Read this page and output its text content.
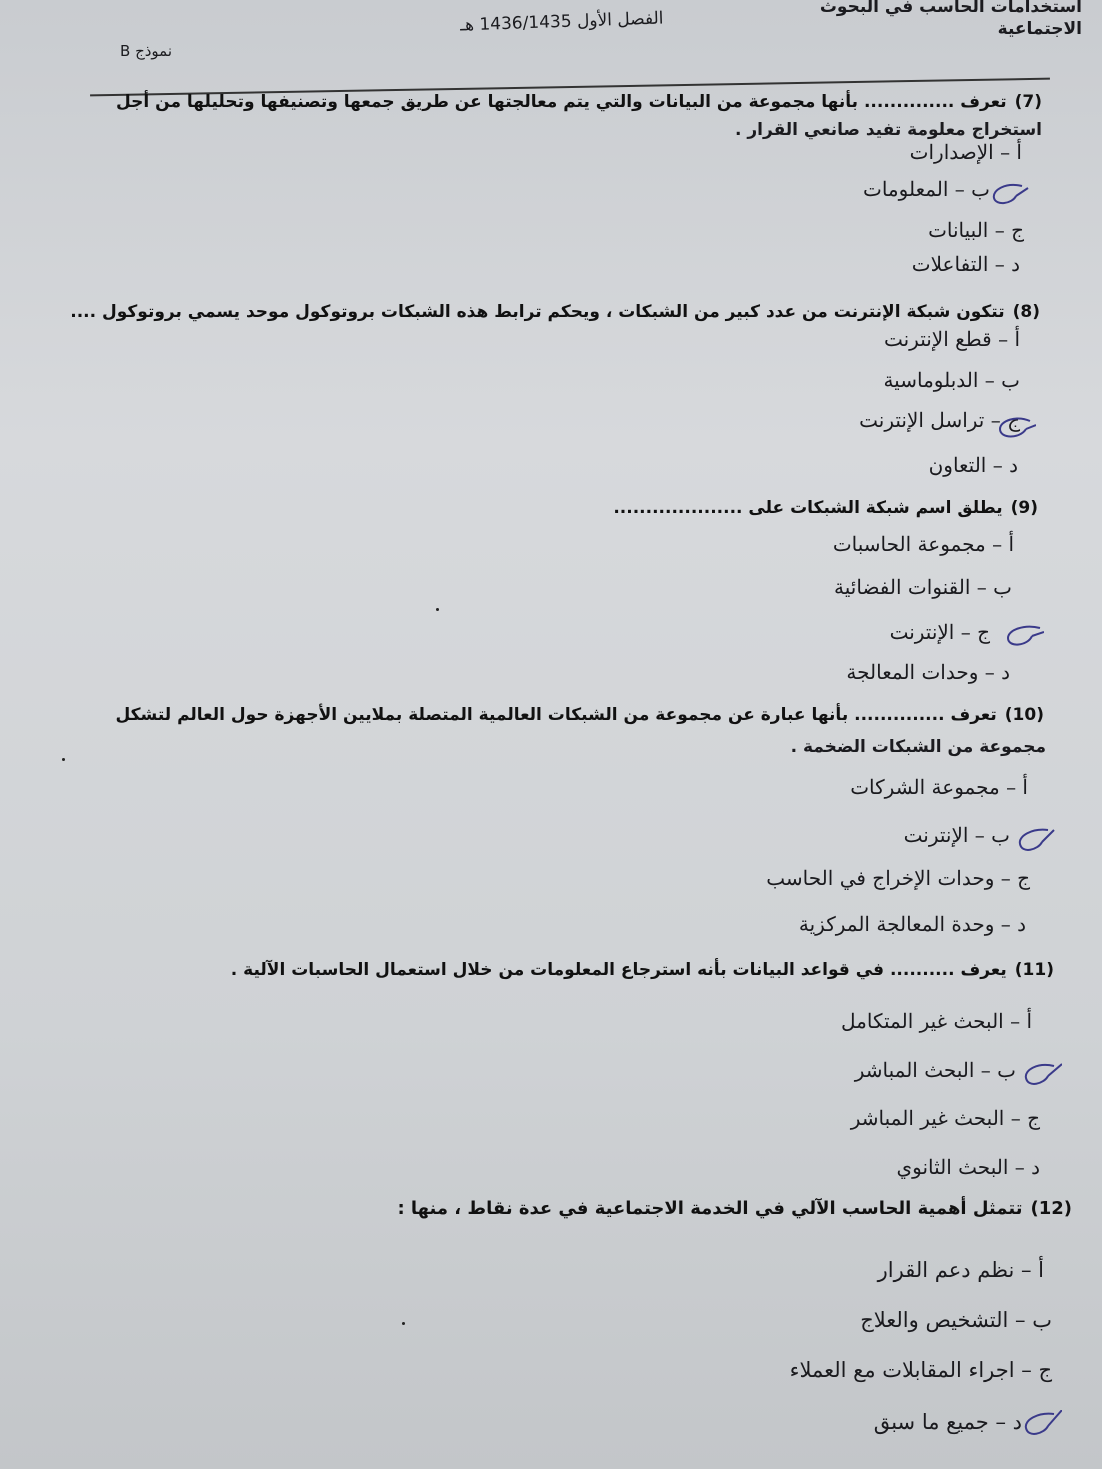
استخدامات الحاسب في البحوث
الاجتماعية
الفصل الأول 1436/1435 هـ
نموذج B
(7)تعرف .............. بأنها مجموعة من البيانات والتي يتم معالجتها عن طريق جمعها وتصنيفها وتحليلها من أجل
استخراج معلومة تفيد صانعي القرار .
أ – الإصدارات
ب – المعلومات
ج – البيانات
د – التفاعلات
(8)تتكون شبكة الإنترنت من عدد كبير من الشبكات ، ويحكم ترابط هذه الشبكات بروتوكول موحد يسمي بروتوكول ....
أ – قطع الإنترنت
ب – الدبلوماسية
ج – تراسل الإنترنت
د – التعاون
(9)يطلق اسم شبكة الشبكات على ....................
أ – مجموعة الحاسبات
ب – القنوات الفضائية
ج – الإنترنت
د – وحدات المعالجة
(10)تعرف .............. بأنها عبارة عن مجموعة من الشبكات العالمية المتصلة بملايين الأجهزة حول العالم لتشكل
مجموعة من الشبكات الضخمة .
أ – مجموعة الشركات
ب – الإنترنت
ج – وحدات الإخراج في الحاسب
د – وحدة المعالجة المركزية
(11)يعرف .......... في قواعد البيانات بأنه استرجاع المعلومات من خلال استعمال الحاسبات الآلية .
أ – البحث غير المتكامل
ب – البحث المباشر
ج – البحث غير المباشر
د – البحث الثانوي
(12)تتمثل أهمية الحاسب الآلي في الخدمة الاجتماعية في عدة نقاط ، منها :
أ – نظم دعم القرار
ب – التشخيص والعلاج
ج – اجراء المقابلات مع العملاء
د – جميع ما سبق
